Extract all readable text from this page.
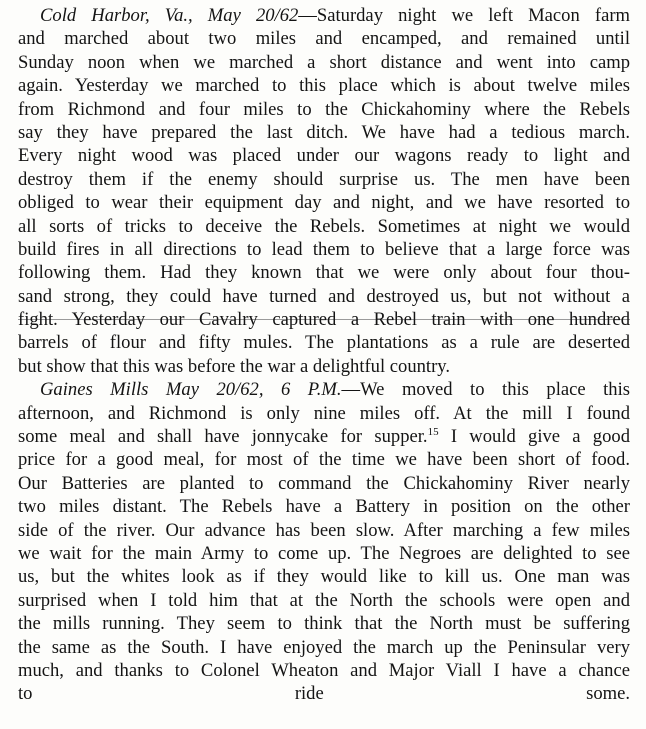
Cold Harbor, Va., May 20/62—Saturday night we left Macon farm
and marched about two miles and encamped, and remained until
Sunday noon when we marched a short distance and went into camp
again. Yesterday we marched to this place which is about twelve miles
from Richmond and four miles to the Chickahominy where the Rebels
say they have prepared the last ditch. We have had a tedious march.
Every night wood was placed under our wagons ready to light and
destroy them if the enemy should surprise us. The men have been
obliged to wear their equipment day and night, and we have resorted to
all sorts of tricks to deceive the Rebels. Sometimes at night we would
build fires in all directions to lead them to believe that a large force was
following them. Had they known that we were only about four thou-
sand strong, they could have turned and destroyed us, but not without a
fight. Yesterday our Cavalry captured a Rebel train with one hundred
barrels of flour and fifty mules. The plantations as a rule are deserted
but show that this was before the war a delightful country.
Gaines Mills May 20/62, 6 P.M.—We moved to this place this
afternoon, and Richmond is only nine miles off. At the mill I found
some meal and shall have jonnycake for supper.$^{15}$ I would give a good
price for a good meal, for most of the time we have been short of food.
Our Batteries are planted to command the Chickahominy River nearly
two miles distant. The Rebels have a Battery in position on the other
side of the river. Our advance has been slow. After marching a few miles
we wait for the main Army to come up. The Negroes are delighted to see
us, but the whites look as if they would like to kill us. One man was
surprised when I told him that at the North the schools were open and
the mills running. They seem to think that the North must be suffering
the same as the South. I have enjoyed the march up the Peninsular very
much, and thanks to Colonel Wheaton and Major Viall I have a chance
to ride some.
